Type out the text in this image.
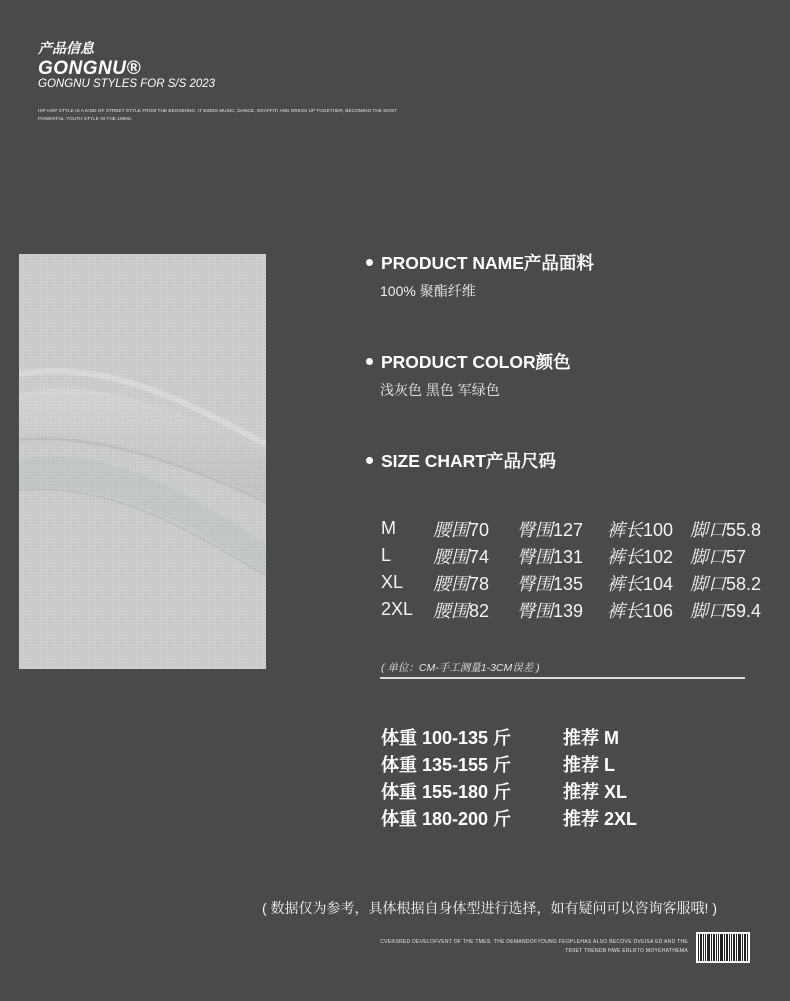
产品信息
GONGNU®
GONGNU STYLES FOR S/S 2023
HIP HOP STYLE IS A KIND OF STREET STYLE FROM THE BEGINNING. IT BINDS MUSIC, DANCE, GRAFFITI AND DRESS UP TOGETHER, BECOMING THE MOST POWERFUL YOUTH STYLE IN THE 1990S.
PRODUCT NAME产品面料
100% 聚酯纤维
PRODUCT COLOR颜色
浅灰色 黑色 军绿色
SIZE CHART产品尺码
M	腰围70	臀围127	裤长100 脚口55.8
L	腰围74	臀围131	裤长102 脚口57
XL	腰围78	臀围135	裤长104 脚口58.2
2XL	腰围82	臀围139	裤长106 脚口59.4
( 单位：CM-手工测量1-3CM误差 )
体重 100-135 斤	推荐 M
体重 135-155 斤	推荐 L
体重 155-180 斤	推荐 XL
体重 180-200 斤	推荐 2XL
( 数据仅为参考，具体根据自身体型进行选择，如有疑问可以咨询客服哦! )
CVERSRED DEVELOFVENT OF THE TMES. THE DEMANDOFYOUNG FEOPLEHAS ALSO BECOVE DVEISA ED AND THE
TR3ET TRENDB HWE ERLRTO MOYEHATHEMA
